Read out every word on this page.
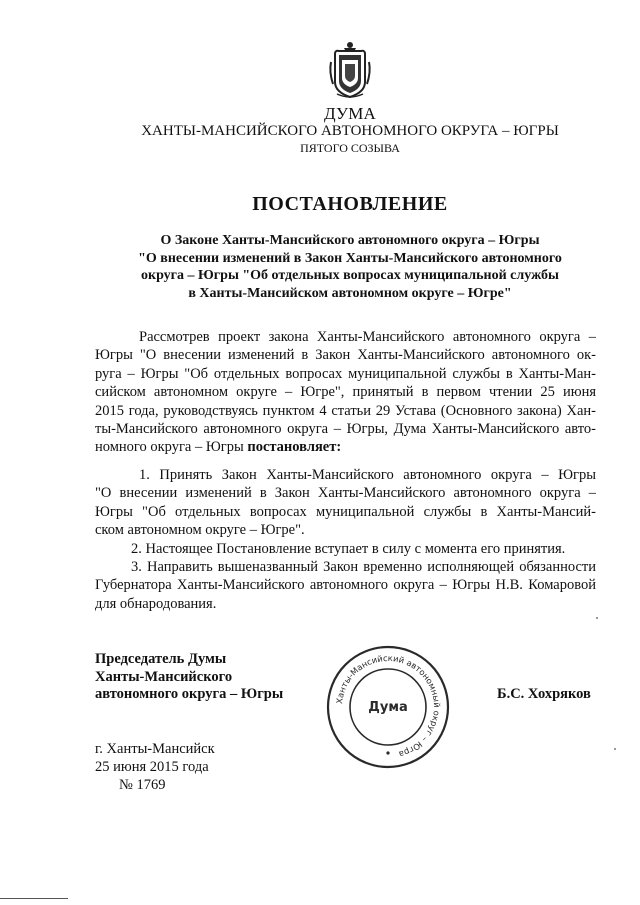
ДУМА
ХАНТЫ-МАНСИЙСКОГО АВТОНОМНОГО ОКРУГА – ЮГРЫ
ПЯТОГО СОЗЫВА
ПОСТАНОВЛЕНИЕ
О Законе Ханты-Мансийского автономного округа – Югры
"О внесении изменений в Закон Ханты-Мансийского автономного
округа – Югры "Об отдельных вопросах муниципальной службы
в Ханты-Мансийском автономном округе – Югре"
Рассмотрев проект закона Ханты-Мансийского автономного округа –
Югры "О внесении изменений в Закон Ханты-Мансийского автономного ок-
руга – Югры "Об отдельных вопросах муниципальной службы в Ханты-Ман-
сийском автономном округе – Югре", принятый в первом чтении 25 июня
2015 года, руководствуясь пунктом 4 статьи 29 Устава (Основного закона) Хан-
ты-Мансийского автономного округа – Югры, Дума Ханты-Мансийского авто-
номного округа – Югры постановляет:
1. Принять Закон Ханты-Мансийского автономного округа – Югры
"О внесении изменений в Закон Ханты-Мансийского автономного округа –
Югры "Об отдельных вопросах муниципальной службы в Ханты-Мансий-
ском автономном округе – Югре".
2. Настоящее Постановление вступает в силу с момента его принятия.
3. Направить вышеназванный Закон временно исполняющей обязанности
Губернатора Ханты-Мансийского автономного округа – Югры Н.В. Комаровой
для обнародования.
Председатель Думы
Ханты-Мансийского
автономного округа – Югры	Ханты-Мансийский автономный округ – Югра
Дума
Б.С. Хохряков
г. Ханты-Мансийск
25 июня 2015 года
№ 1769
